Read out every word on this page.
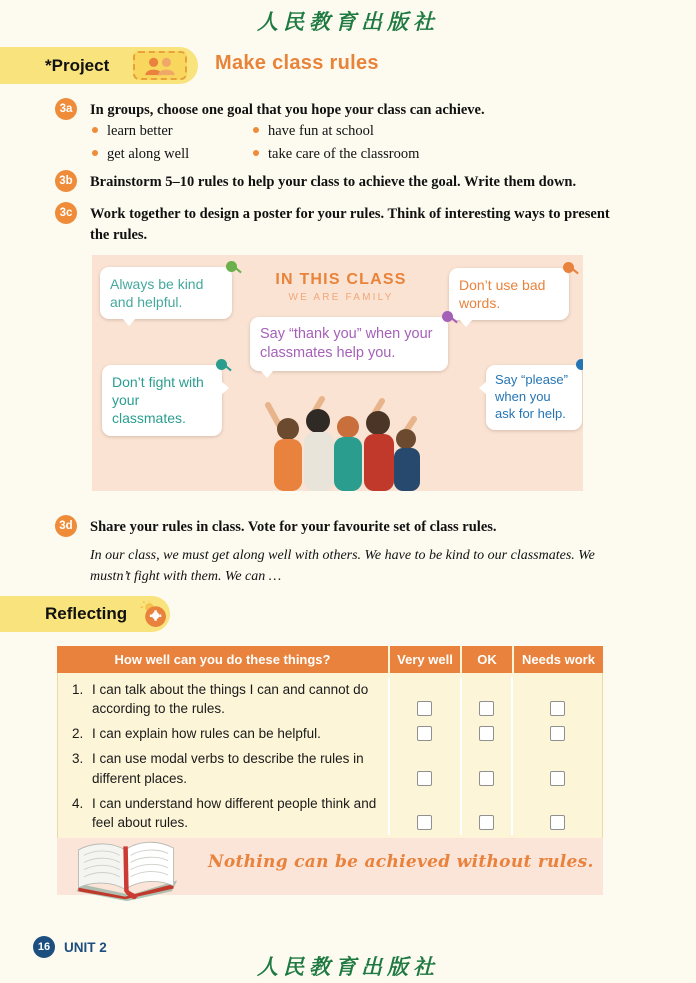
人民教育出版社
*Project	Make class rules
3a	In groups, choose one goal that you hope your class can achieve.
learn better
get along well
have fun at school
take care of the classroom
3b Brainstorm 5–10 rules to help your class to achieve the goal. Write them down.
3c	Work together to design a poster for your rules. Think of interesting ways to present the rules.
IN THIS CLASS
WE ARE FAMILY
Always be kind and helpful.
Don’t use bad words.
Say “thank you” when your classmates help you.
Don’t fight with your classmates.
Say “please” when you ask for help.
3d Share your rules in class. Vote for your favourite set of class rules.
In our class, we must get along well with others. We have to be kind to our classmates. We mustn’t fight with them. We can …
Reflecting
How well can you do these things?	Very well	OK	Needs work
1. I can talk about the things I can and cannot do according to the rules.
2. I can explain how rules can be helpful.
3. I can use modal verbs to describe the rules in different places.
4. I can understand how different people think and feel about rules.
Nothing can be achieved without rules.
16	UNIT 2
人民教育出版社
